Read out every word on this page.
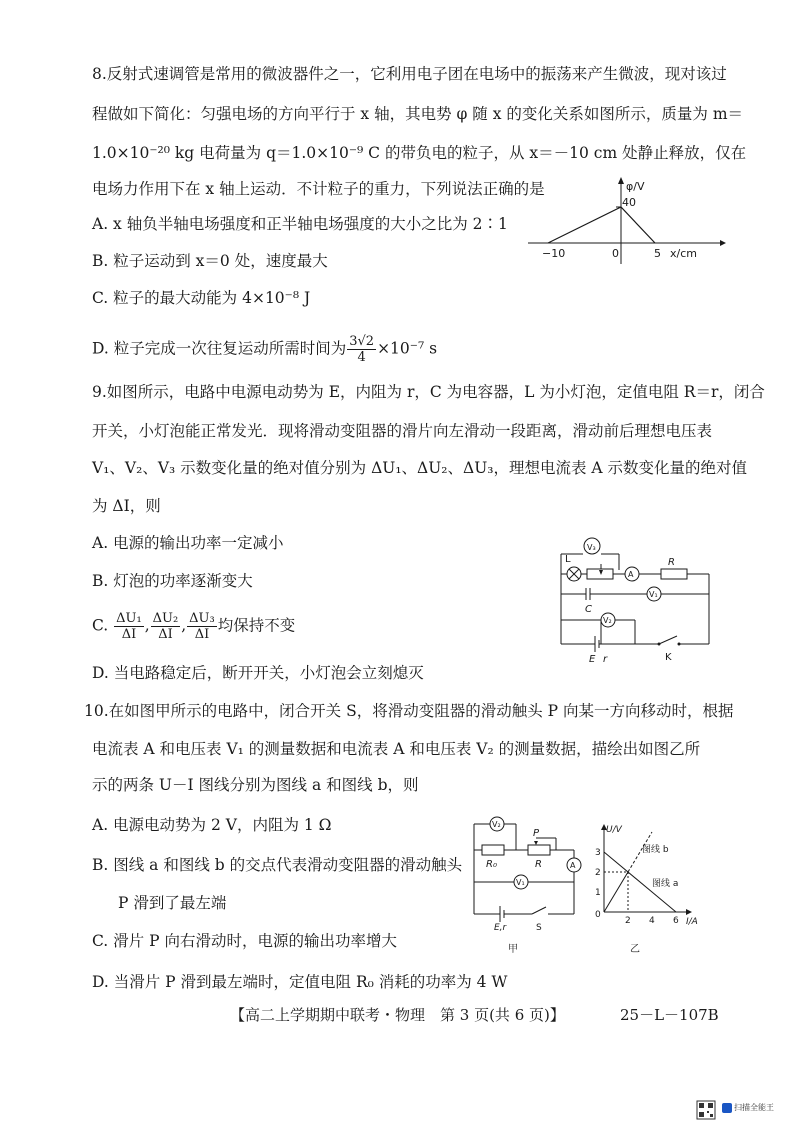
8.反射式速调管是常用的微波器件之一，它利用电子团在电场中的振荡来产生微波，现对该过
程做如下简化：匀强电场的方向平行于 x 轴，其电势 φ 随 x 的变化关系如图所示，质量为 m＝
1.0×10⁻²⁰ kg 电荷量为 q＝1.0×10⁻⁹ C 的带负电的粒子，从 x＝－10 cm 处静止释放，仅在
电场力作用下在 x 轴上运动．不计粒子的重力，下列说法正确的是
A. x 轴负半轴电场强度和正半轴电场强度的大小之比为 2∶1
B. 粒子运动到 x＝0 处，速度最大
C. 粒子的最大动能为 4×10⁻⁸ J
D. 粒子完成一次往复运动所需时间为 $\frac{3√2}{4} \times 10^{-7}$ s
φ/V
40
−10	0	5 x/cm
9.如图所示，电路中电源电动势为 E，内阻为 r，C 为电容器，L 为小灯泡，定值电阻 R＝r，闭合
开关，小灯泡能正常发光．现将滑动变阻器的滑片向左滑动一段距离，滑动前后理想电压表
V₁、V₂、V₃ 示数变化量的绝对值分别为 ΔU₁、ΔU₂、ΔU₃，理想电流表 A 示数变化量的绝对值
为 ΔI，则
A. 电源的输出功率一定减小
B. 灯泡的功率逐渐变大
C. $\frac{\text{ΔU₁}}{\Delta I}$ , $\frac{\text{ΔU₂}}{\Delta I}$ , $\frac{\text{ΔU₃}}{\Delta I}$ 均保持不变
D. 当电路稳定后，断开开关，小灯泡会立刻熄灭
V₃
A
V₁
V₂
L	R
C
E r	K
10.在如图甲所示的电路中，闭合开关 S，将滑动变阻器的滑动触头 P 向某一方向移动时，根据
电流表 A 和电压表 V₁ 的测量数据和电流表 A 和电压表 V₂ 的测量数据，描绘出如图乙所
示的两条 U－I 图线分别为图线 a 和图线 b，则
A. 电源电动势为 2 V，内阻为 1 Ω
B. 图线 a 和图线 b 的交点代表滑动变阻器的滑动触头
P 滑到了最左端
C. 滑片 P 向右滑动时，电源的输出功率增大
D. 当滑片 P 滑到最左端时，定值电阻 R₀ 消耗的功率为 4 W
V₂
A
V₁
R₀	R
P
E,r	S
甲
U/V
I/A
图线 b
图线 a
3
2
1
0
2 4 6
乙
【高二上学期期中联考・物理　第 3 页(共 6 页)】	25－L－107B
扫描全能王
